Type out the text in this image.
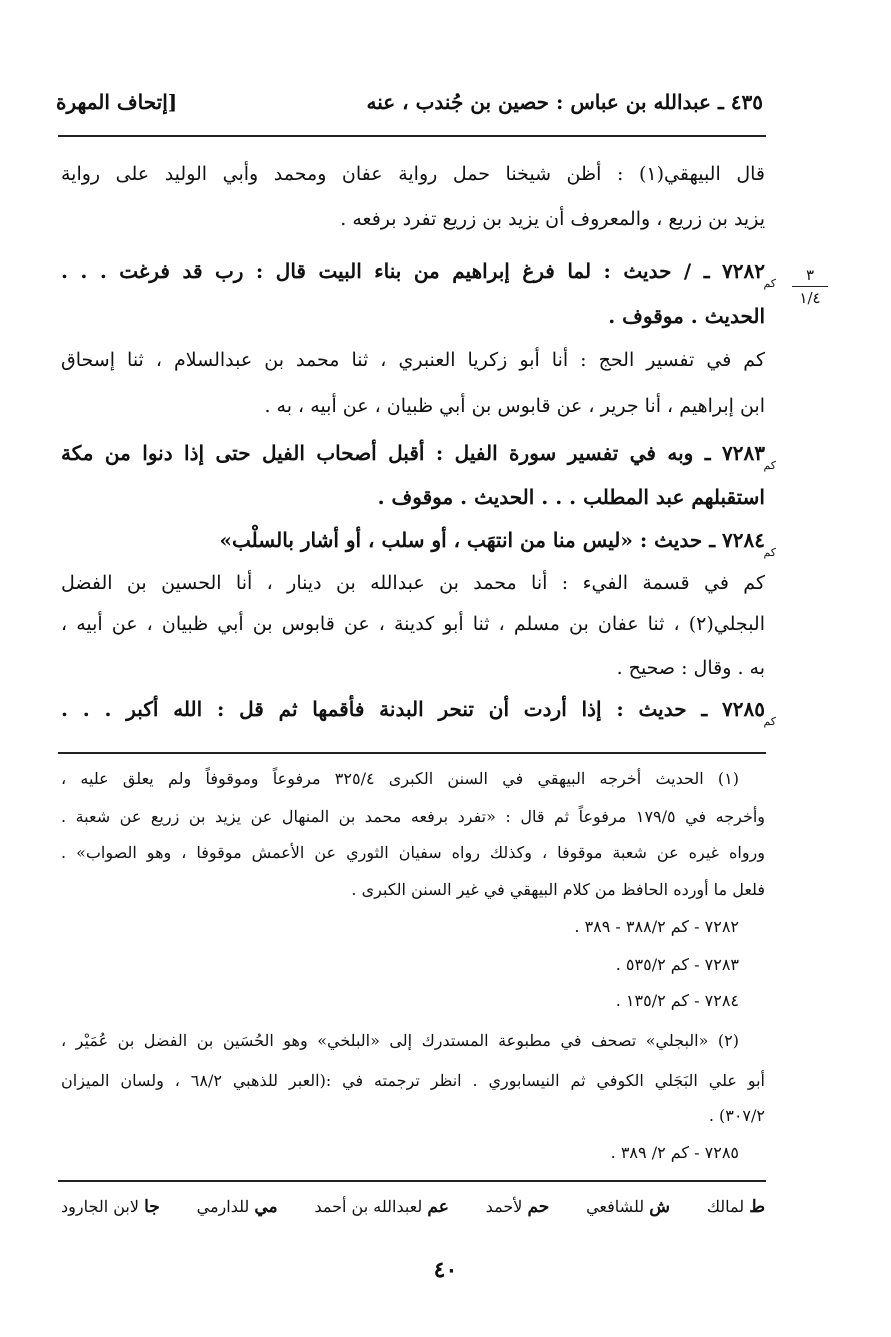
٤٣٥ ـ عبدالله بن عباس : حصين بن جُندب ، عنه
[إتحاف المهرة
٣
١/٤
قال البيهقي(١) : أظن شيخنا حمل رواية عفان ومحمد وأبي الوليد على رواية
يزيد بن زريع ، والمعروف أن يزيد بن زريع تفرد برفعه .
٧٢٨٢ ـ / حديث : لما فرغ إبراهيم من بناء البيت قال : رب قد فرغت . . .
كم
الحديث . موقوف .
كم في تفسير الحج : أنا أبو زكريا العنبري ، ثنا محمد بن عبدالسلام ، ثنا إسحاق
ابن إبراهيم ، أنا جرير ، عن قابوس بن أبي ظبيان ، عن أبيه ، به .
٧٢٨٣ ـ وبه في تفسير سورة الفيل : أقبل أصحاب الفيل حتى إذا دنوا من مكة
كم
استقبلهم عبد المطلب . . . الحديث . موقوف .
٧٢٨٤ ـ حديث : «ليس منا من انتهَب ، أو سلب ، أو أشار بالسلْب»
كم
كم في قسمة الفيء : أنا محمد بن عبدالله بن دينار ، أنا الحسين بن الفضل
البجلي(٢) ، ثنا عفان بن مسلم ، ثنا أبو كدينة ، عن قابوس بن أبي ظبيان ، عن أبيه ،
به . وقال : صحيح .
٧٢٨٥ ـ حديث : إذا أردت أن تنحر البدنة فأقمها ثم قل : الله أكبر . . .
كم
(١) الحديث أخرجه البيهقي في السنن الكبرى ٣٢٥/٤ مرفوعاً وموقوفاً ولم يعلق عليه ،
وأخرجه في ١٧٩/٥ مرفوعاً ثم قال : «تفرد برفعه محمد بن المنهال عن يزيد بن زريع عن شعبة .
ورواه غيره عن شعبة موقوفا ، وكذلك رواه سفيان الثوري عن الأعمش موقوفا ، وهو الصواب» .
فلعل ما أورده الحافظ من كلام البيهقي في غير السنن الكبرى .
٧٢٨٢ - كم ٣٨٨/٢ - ٣٨٩ .
٧٢٨٣ - كم ٥٣٥/٢ .
٧٢٨٤ - كم ١٣٥/٢ .
(٢) «البجلي» تصحف في مطبوعة المستدرك إلى «البلخي» وهو الحُسَين بن الفضل بن عُمَيْر ،
أبو علي البَجَلي الكوفي ثم النيسابوري . انظر ترجمته في :(العبر للذهبي ٦٨/٢ ، ولسان الميزان
٣٠٧/٢) .
٧٢٨٥ - كم ٢/ ٣٨٩ .
ط لمالك
ش للشافعي
حم لأحمد
عم لعبدالله بن أحمد
مي للدارمي
جا لابن الجارود
٤٠
